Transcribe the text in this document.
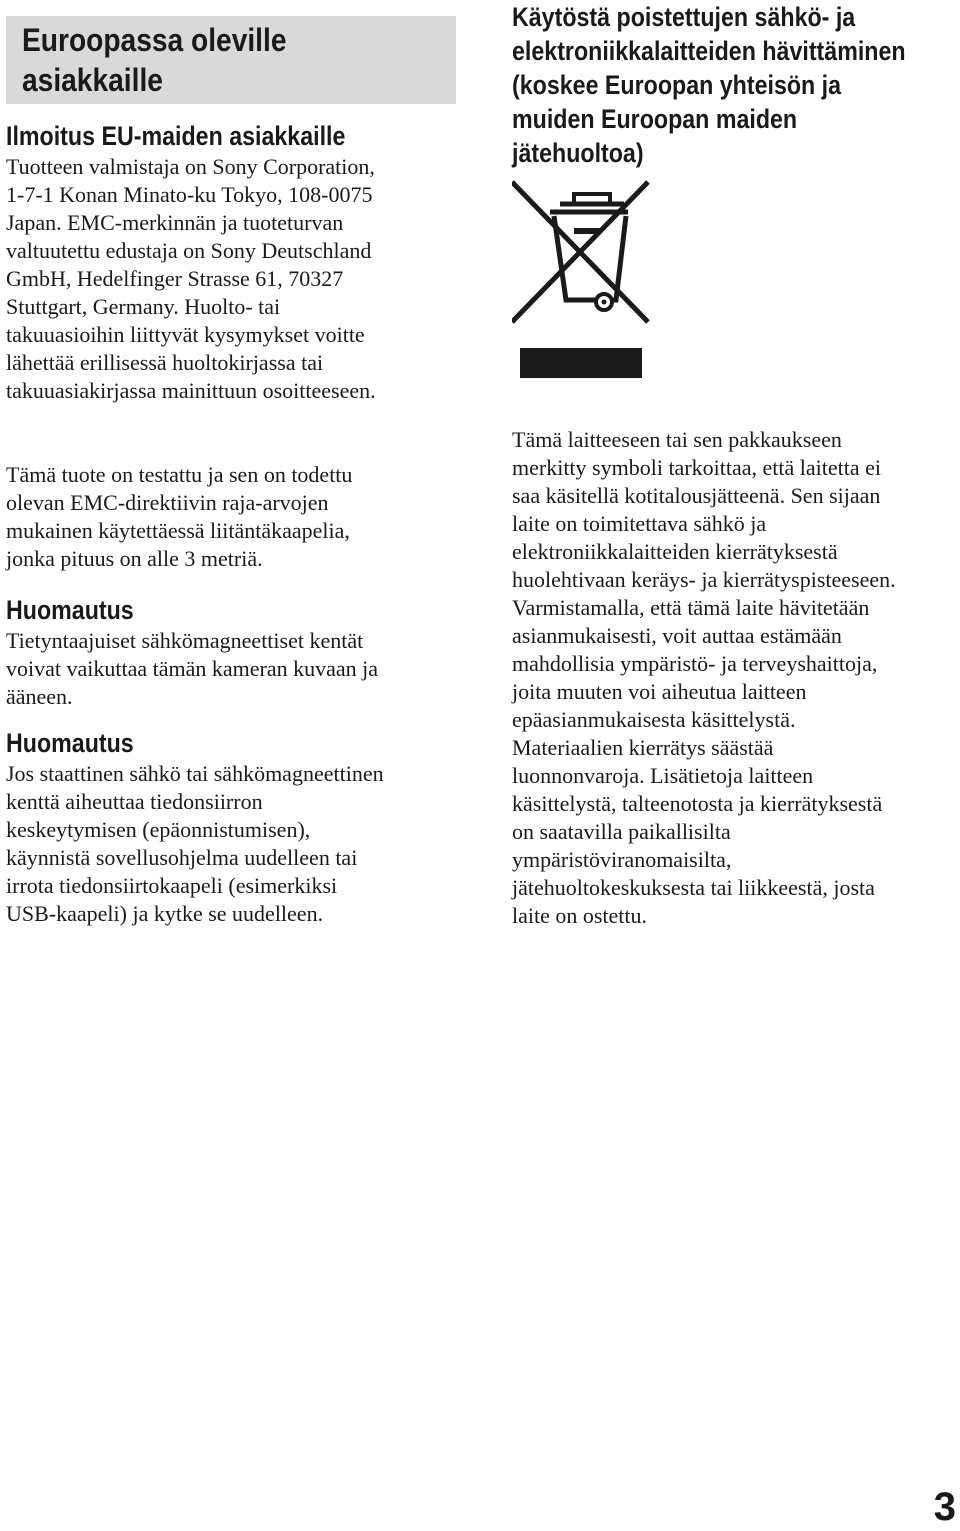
Euroopassa oleville
asiakkaille
Ilmoitus EU-maiden asiakkaille
Tuotteen valmistaja on Sony Corporation,
1-7-1 Konan Minato-ku Tokyo, 108-0075
Japan. EMC-merkinnän ja tuoteturvan
valtuutettu edustaja on Sony Deutschland
GmbH, Hedelfinger Strasse 61, 70327
Stuttgart, Germany. Huolto- tai
takuuasioihin liittyvät kysymykset voitte
lähettää erillisessä huoltokirjassa tai
takuuasiakirjassa mainittuun osoitteeseen.
Tämä tuote on testattu ja sen on todettu
olevan EMC-direktiivin raja-arvojen
mukainen käytettäessä liitäntäkaapelia,
jonka pituus on alle 3 metriä.
Huomautus
Tietyntaajuiset sähkömagneettiset kentät
voivat vaikuttaa tämän kameran kuvaan ja
ääneen.
Huomautus
Jos staattinen sähkö tai sähkömagneettinen
kenttä aiheuttaa tiedonsiirron
keskeytymisen (epäonnistumisen),
käynnistä sovellusohjelma uudelleen tai
irrota tiedonsiirtokaapeli (esimerkiksi
USB-kaapeli) ja kytke se uudelleen.
Käytöstä poistettujen sähkö- ja
elektroniikkalaitteiden hävittäminen
(koskee Euroopan yhteisön ja
muiden Euroopan maiden
jätehuoltoa)
Tämä laitteeseen tai sen pakkaukseen
merkitty symboli tarkoittaa, että laitetta ei
saa käsitellä kotitalousjätteenä. Sen sijaan
laite on toimitettava sähkö ja
elektroniikkalaitteiden kierrätyksestä
huolehtivaan keräys- ja kierrätyspisteeseen.
Varmistamalla, että tämä laite hävitetään
asianmukaisesti, voit auttaa estämään
mahdollisia ympäristö- ja terveyshaittoja,
joita muuten voi aiheutua laitteen
epäasianmukaisesta käsittelystä.
Materiaalien kierrätys säästää
luonnonvaroja. Lisätietoja laitteen
käsittelystä, talteenotosta ja kierrätyksestä
on saatavilla paikallisilta
ympäristöviranomaisilta,
jätehuoltokeskuksesta tai liikkeestä, josta
laite on ostettu.
3
